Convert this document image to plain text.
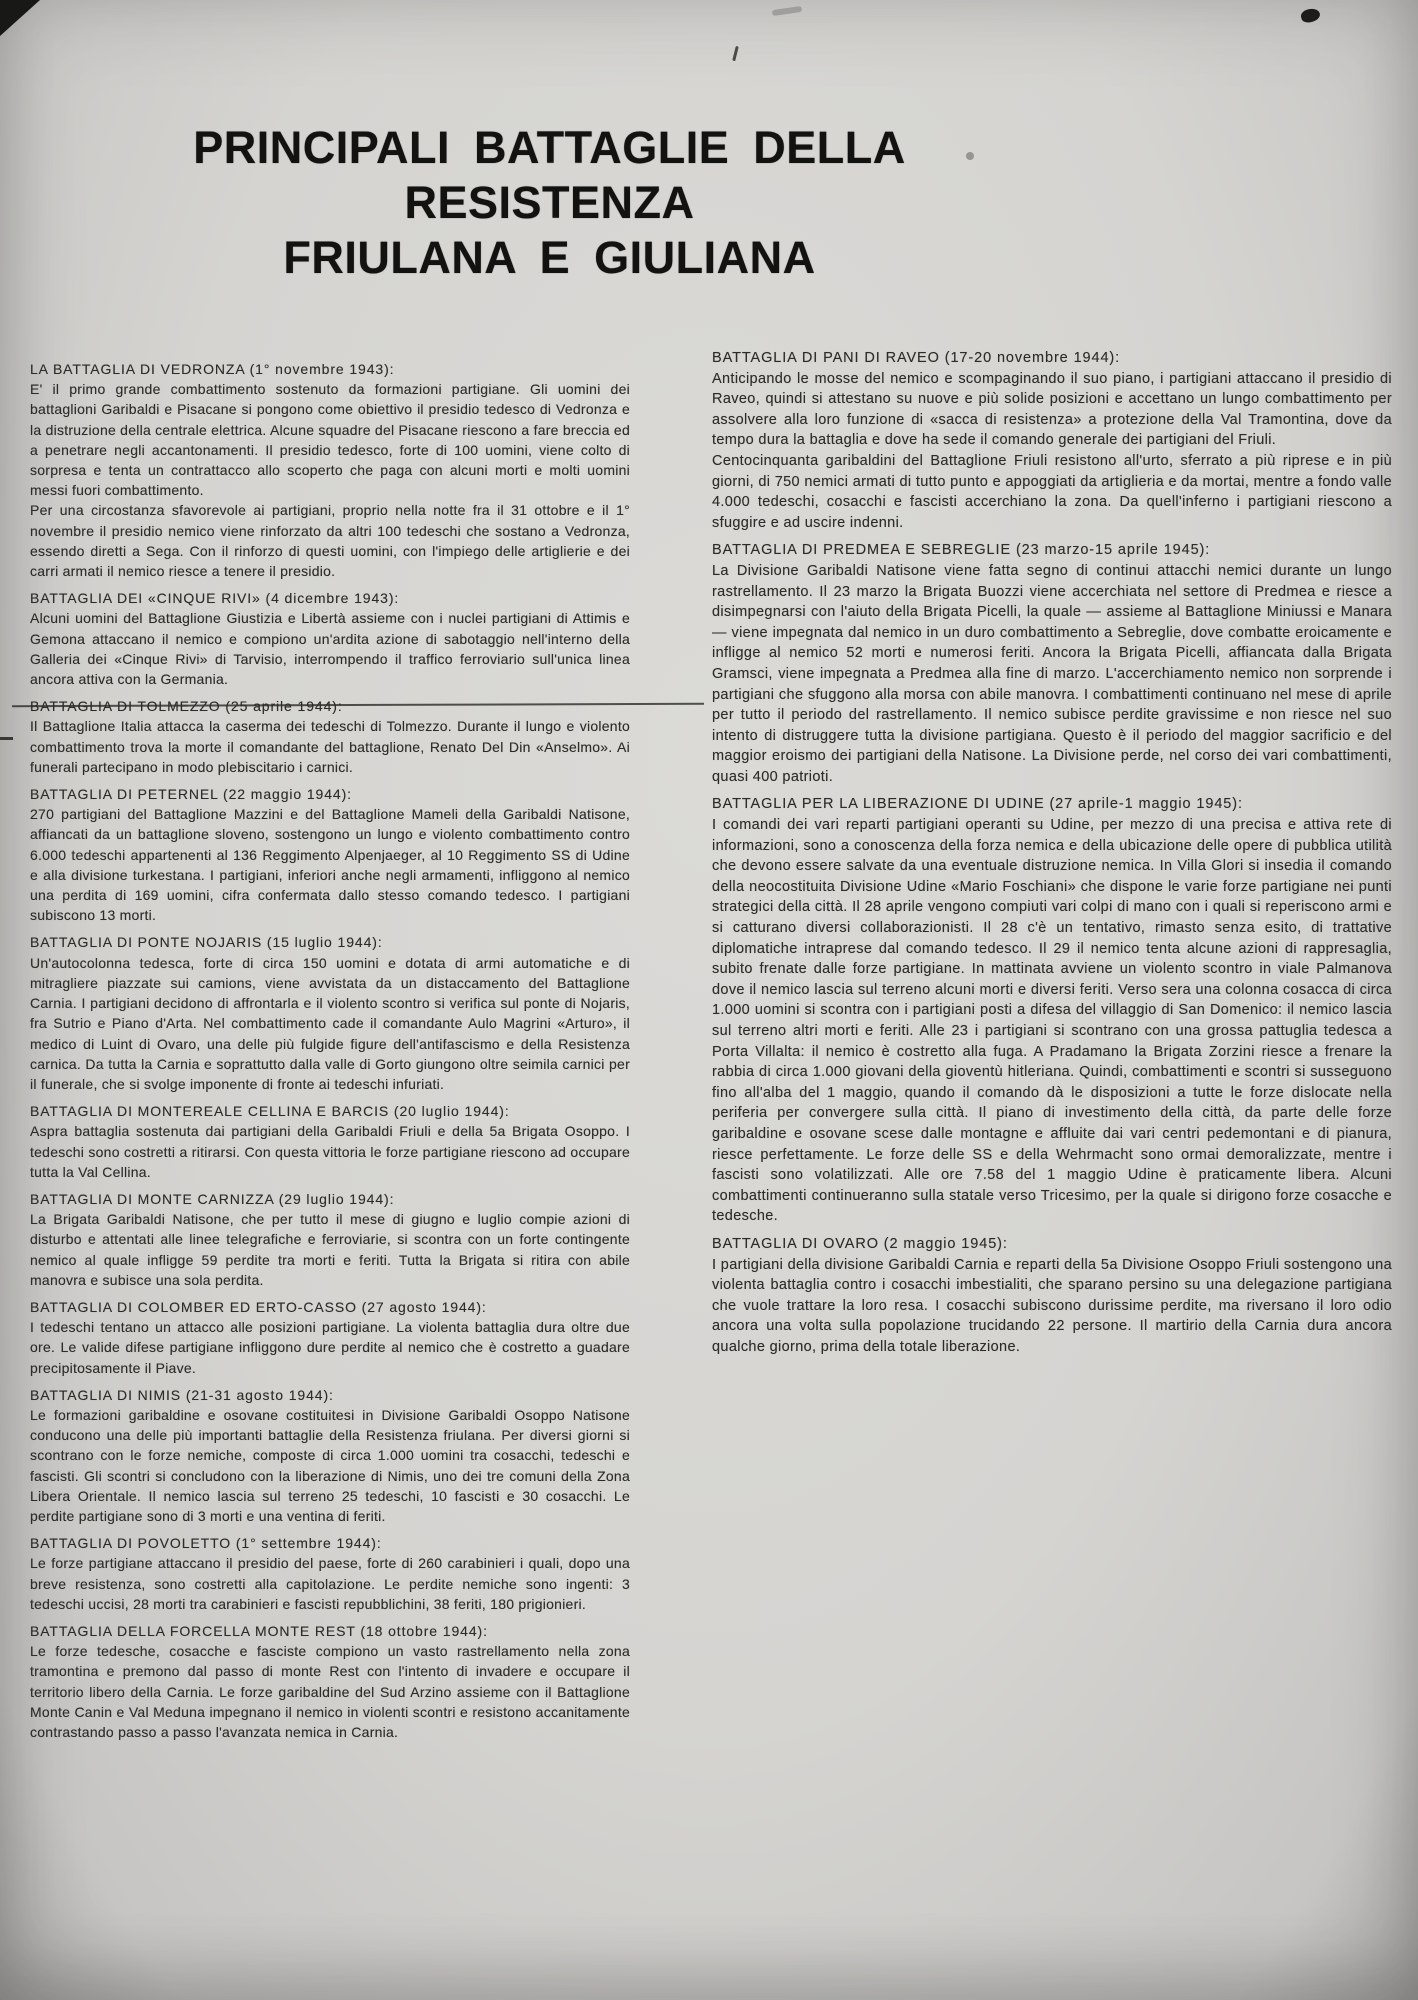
PRINCIPALI BATTAGLIE DELLA RESISTENZA
FRIULANA E GIULIANA
LA BATTAGLIA DI VEDRONZA (1° novembre 1943):

E' il primo grande combattimento sostenuto da formazioni partigiane. Gli uomini dei battaglioni Garibaldi e Pisacane si pongono come obiettivo il presidio tedesco di Vedronza e la distruzione della centrale elettrica. Alcune squadre del Pisacane riescono a fare breccia ed a penetrare negli accantonamenti. Il presidio tedesco, forte di 100 uomini, viene colto di sorpresa e tenta un contrattacco allo scoperto che paga con alcuni morti e molti uomini messi fuori combattimento.

Per una circostanza sfavorevole ai partigiani, proprio nella notte fra il 31 ottobre e il 1° novembre il presidio nemico viene rinforzato da altri 100 tedeschi che sostano a Vedronza, essendo diretti a Sega. Con il rinforzo di questi uomini, con l'impiego delle artiglierie e dei carri armati il nemico riesce a tenere il presidio.

BATTAGLIA DEI «CINQUE RIVI» (4 dicembre 1943):

Alcuni uomini del Battaglione Giustizia e Libertà assieme con i nuclei partigiani di Attimis e Gemona attaccano il nemico e compiono un'ardita azione di sabotaggio nell'interno della Galleria dei «Cinque Rivi» di Tarvisio, interrompendo il traffico ferroviario sull'unica linea ancora attiva con la Germania.

BATTAGLIA DI TOLMEZZO (25 aprile 1944):

Il Battaglione Italia attacca la caserma dei tedeschi di Tolmezzo. Durante il lungo e violento combattimento trova la morte il comandante del battaglione, Renato Del Din «Anselmo». Ai funerali partecipano in modo plebiscitario i carnici.

BATTAGLIA DI PETERNEL (22 maggio 1944):

270 partigiani del Battaglione Mazzini e del Battaglione Mameli della Garibaldi Natisone, affiancati da un battaglione sloveno, sostengono un lungo e violento combattimento contro 6.000 tedeschi appartenenti al 136 Reggimento Alpenjaeger, al 10 Reggimento SS di Udine e alla divisione turkestana. I partigiani, inferiori anche negli armamenti, infliggono al nemico una perdita di 169 uomini, cifra confermata dallo stesso comando tedesco. I partigiani subiscono 13 morti.

BATTAGLIA DI PONTE NOJARIS (15 luglio 1944):

Un'autocolonna tedesca, forte di circa 150 uomini e dotata di armi automatiche e di mitragliere piazzate sui camions, viene avvistata da un distaccamento del Battaglione Carnia. I partigiani decidono di affrontarla e il violento scontro si verifica sul ponte di Nojaris, fra Sutrio e Piano d'Arta. Nel combattimento cade il comandante Aulo Magrini «Arturo», il medico di Luint di Ovaro, una delle più fulgide figure dell'antifascismo e della Resistenza carnica. Da tutta la Carnia e soprattutto dalla valle di Gorto giungono oltre seimila carnici per il funerale, che si svolge imponente di fronte ai tedeschi infuriati.

BATTAGLIA DI MONTEREALE CELLINA E BARCIS (20 luglio 1944):

Aspra battaglia sostenuta dai partigiani della Garibaldi Friuli e della 5a Brigata Osoppo. I tedeschi sono costretti a ritirarsi. Con questa vittoria le forze partigiane riescono ad occupare tutta la Val Cellina.

BATTAGLIA DI MONTE CARNIZZA (29 luglio 1944):

La Brigata Garibaldi Natisone, che per tutto il mese di giugno e luglio compie azioni di disturbo e attentati alle linee telegrafiche e ferroviarie, si scontra con un forte contingente nemico al quale infligge 59 perdite tra morti e feriti. Tutta la Brigata si ritira con abile manovra e subisce una sola perdita.

BATTAGLIA DI COLOMBER ED ERTO-CASSO (27 agosto 1944):

I tedeschi tentano un attacco alle posizioni partigiane. La violenta battaglia dura oltre due ore. Le valide difese partigiane infliggono dure perdite al nemico che è costretto a guadare precipitosamente il Piave.

BATTAGLIA DI NIMIS (21-31 agosto 1944):

Le formazioni garibaldine e osovane costituitesi in Divisione Garibaldi Osoppo Natisone conducono una delle più importanti battaglie della Resistenza friulana. Per diversi giorni si scontrano con le forze nemiche, composte di circa 1.000 uomini tra cosacchi, tedeschi e fascisti. Gli scontri si concludono con la liberazione di Nimis, uno dei tre comuni della Zona Libera Orientale. Il nemico lascia sul terreno 25 tedeschi, 10 fascisti e 30 cosacchi. Le perdite partigiane sono di 3 morti e una ventina di feriti.

BATTAGLIA DI POVOLETTO (1° settembre 1944):

Le forze partigiane attaccano il presidio del paese, forte di 260 carabinieri i quali, dopo una breve resistenza, sono costretti alla capitolazione. Le perdite nemiche sono ingenti: 3 tedeschi uccisi, 28 morti tra carabinieri e fascisti repubblichini, 38 feriti, 180 prigionieri.

BATTAGLIA DELLA FORCELLA MONTE REST (18 ottobre 1944):

Le forze tedesche, cosacche e fasciste compiono un vasto rastrellamento nella zona tramontina e premono dal passo di monte Rest con l'intento di invadere e occupare il territorio libero della Carnia. Le forze garibaldine del Sud Arzino assieme con il Battaglione Monte Canin e Val Meduna impegnano il nemico in violenti scontri e resistono accanitamente contrastando passo a passo l'avanzata nemica in Carnia.

BATTAGLIA DI PANI DI RAVEO (17-20 novembre 1944):

Anticipando le mosse del nemico e scompaginando il suo piano, i partigiani attaccano il presidio di Raveo, quindi si attestano su nuove e più solide posizioni e accettano un lungo combattimento per assolvere alla loro funzione di «sacca di resistenza» a protezione della Val Tramontina, dove da tempo dura la battaglia e dove ha sede il comando generale dei partigiani del Friuli.

Centocinquanta garibaldini del Battaglione Friuli resistono all'urto, sferrato a più riprese e in più giorni, di 750 nemici armati di tutto punto e appoggiati da artiglieria e da mortai, mentre a fondo valle 4.000 tedeschi, cosacchi e fascisti accerchiano la zona. Da quell'inferno i partigiani riescono a sfuggire e ad uscire indenni.

BATTAGLIA DI PREDMEA E SEBREGLIE (23 marzo-15 aprile 1945):

La Divisione Garibaldi Natisone viene fatta segno di continui attacchi nemici durante un lungo rastrellamento. Il 23 marzo la Brigata Buozzi viene accerchiata nel settore di Predmea e riesce a disimpegnarsi con l'aiuto della Brigata Picelli, la quale — assieme al Battaglione Miniussi e Manara — viene impegnata dal nemico in un duro combattimento a Sebreglie, dove combatte eroicamente e infligge al nemico 52 morti e numerosi feriti. Ancora la Brigata Picelli, affiancata dalla Brigata Gramsci, viene impegnata a Predmea alla fine di marzo. L'accerchiamento nemico non sorprende i partigiani che sfuggono alla morsa con abile manovra. I combattimenti continuano nel mese di aprile per tutto il periodo del rastrellamento. Il nemico subisce perdite gravissime e non riesce nel suo intento di distruggere tutta la divisione partigiana. Questo è il periodo del maggior sacrificio e del maggior eroismo dei partigiani della Natisone. La Divisione perde, nel corso dei vari combattimenti, quasi 400 patrioti.

BATTAGLIA PER LA LIBERAZIONE DI UDINE (27 aprile-1 maggio 1945):

I comandi dei vari reparti partigiani operanti su Udine, per mezzo di una precisa e attiva rete di informazioni, sono a conoscenza della forza nemica e della ubicazione delle opere di pubblica utilità che devono essere salvate da una eventuale distruzione nemica. In Villa Glori si insedia il comando della neocostituita Divisione Udine «Mario Foschiani» che dispone le varie forze partigiane nei punti strategici della città. Il 28 aprile vengono compiuti vari colpi di mano con i quali si reperiscono armi e si catturano diversi collaborazionisti. Il 28 c'è un tentativo, rimasto senza esito, di trattative diplomatiche intraprese dal comando tedesco. Il 29 il nemico tenta alcune azioni di rappresaglia, subito frenate dalle forze partigiane. In mattinata avviene un violento scontro in viale Palmanova dove il nemico lascia sul terreno alcuni morti e diversi feriti. Verso sera una colonna cosacca di circa 1.000 uomini si scontra con i partigiani posti a difesa del villaggio di San Domenico: il nemico lascia sul terreno altri morti e feriti. Alle 23 i partigiani si scontrano con una grossa pattuglia tedesca a Porta Villalta: il nemico è costretto alla fuga. A Pradamano la Brigata Zorzini riesce a frenare la rabbia di circa 1.000 giovani della gioventù hitleriana. Quindi, combattimenti e scontri si susseguono fino all'alba del 1 maggio, quando il comando dà le disposizioni a tutte le forze dislocate nella periferia per convergere sulla città. Il piano di investimento della città, da parte delle forze garibaldine e osovane scese dalle montagne e affluite dai vari centri pedemontani e di pianura, riesce perfettamente. Le forze delle SS e della Wehrmacht sono ormai demoralizzate, mentre i fascisti sono volatilizzati. Alle ore 7.58 del 1 maggio Udine è praticamente libera. Alcuni combattimenti continueranno sulla statale verso Tricesimo, per la quale si dirigono forze cosacche e tedesche.

BATTAGLIA DI OVARO (2 maggio 1945):

I partigiani della divisione Garibaldi Carnia e reparti della 5a Divisione Osoppo Friuli sostengono una violenta battaglia contro i cosacchi imbestialiti, che sparano persino su una delegazione partigiana che vuole trattare la loro resa. I cosacchi subiscono durissime perdite, ma riversano il loro odio ancora una volta sulla popolazione trucidando 22 persone. Il martirio della Carnia dura ancora qualche giorno, prima della totale liberazione.
